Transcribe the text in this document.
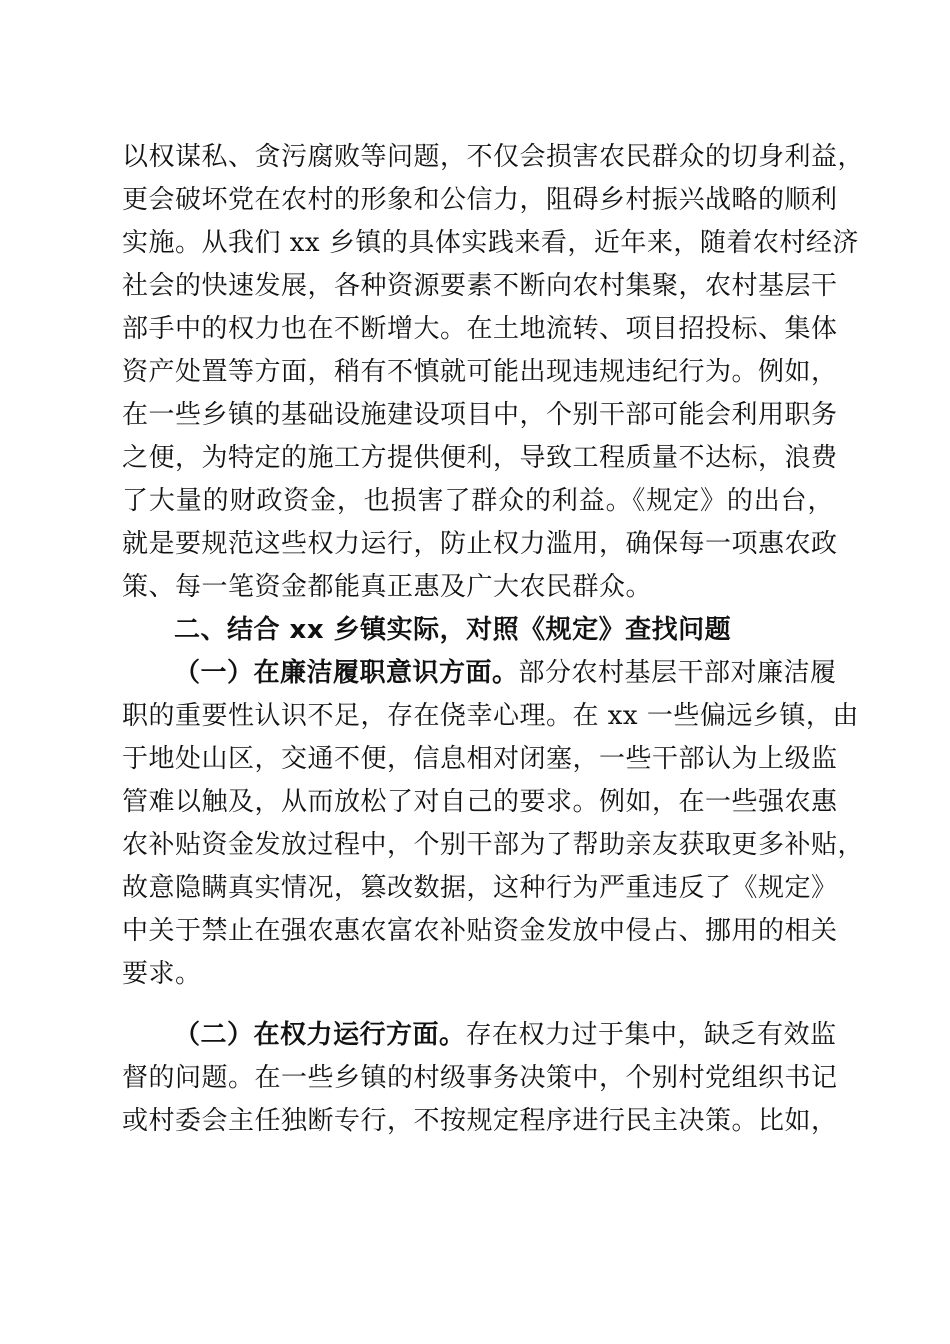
以权谋私、贪污腐败等问题，不仅会损害农民群众的切身利益，
更会破坏党在农村的形象和公信力，阻碍乡村振兴战略的顺利
实施。从我们 xx 乡镇的具体实践来看，近年来，随着农村经济
社会的快速发展，各种资源要素不断向农村集聚，农村基层干
部手中的权力也在不断增大。在土地流转、项目招投标、集体
资产处置等方面，稍有不慎就可能出现违规违纪行为。例如，
在一些乡镇的基础设施建设项目中，个别干部可能会利用职务
之便，为特定的施工方提供便利，导致工程质量不达标，浪费
了大量的财政资金，也损害了群众的利益。《规定》的出台，
就是要规范这些权力运行，防止权力滥用，确保每一项惠农政
策、每一笔资金都能真正惠及广大农民群众。
二、结合 xx 乡镇实际，对照《规定》查找问题
（一）在廉洁履职意识方面。部分农村基层干部对廉洁履
职的重要性认识不足，存在侥幸心理。在 xx 一些偏远乡镇，由
于地处山区，交通不便，信息相对闭塞，一些干部认为上级监
管难以触及，从而放松了对自己的要求。例如，在一些强农惠
农补贴资金发放过程中，个别干部为了帮助亲友获取更多补贴，
故意隐瞒真实情况，篡改数据，这种行为严重违反了《规定》
中关于禁止在强农惠农富农补贴资金发放中侵占、挪用的相关
要求。
（二）在权力运行方面。存在权力过于集中，缺乏有效监
督的问题。在一些乡镇的村级事务决策中，个别村党组织书记
或村委会主任独断专行，不按规定程序进行民主决策。比如，
